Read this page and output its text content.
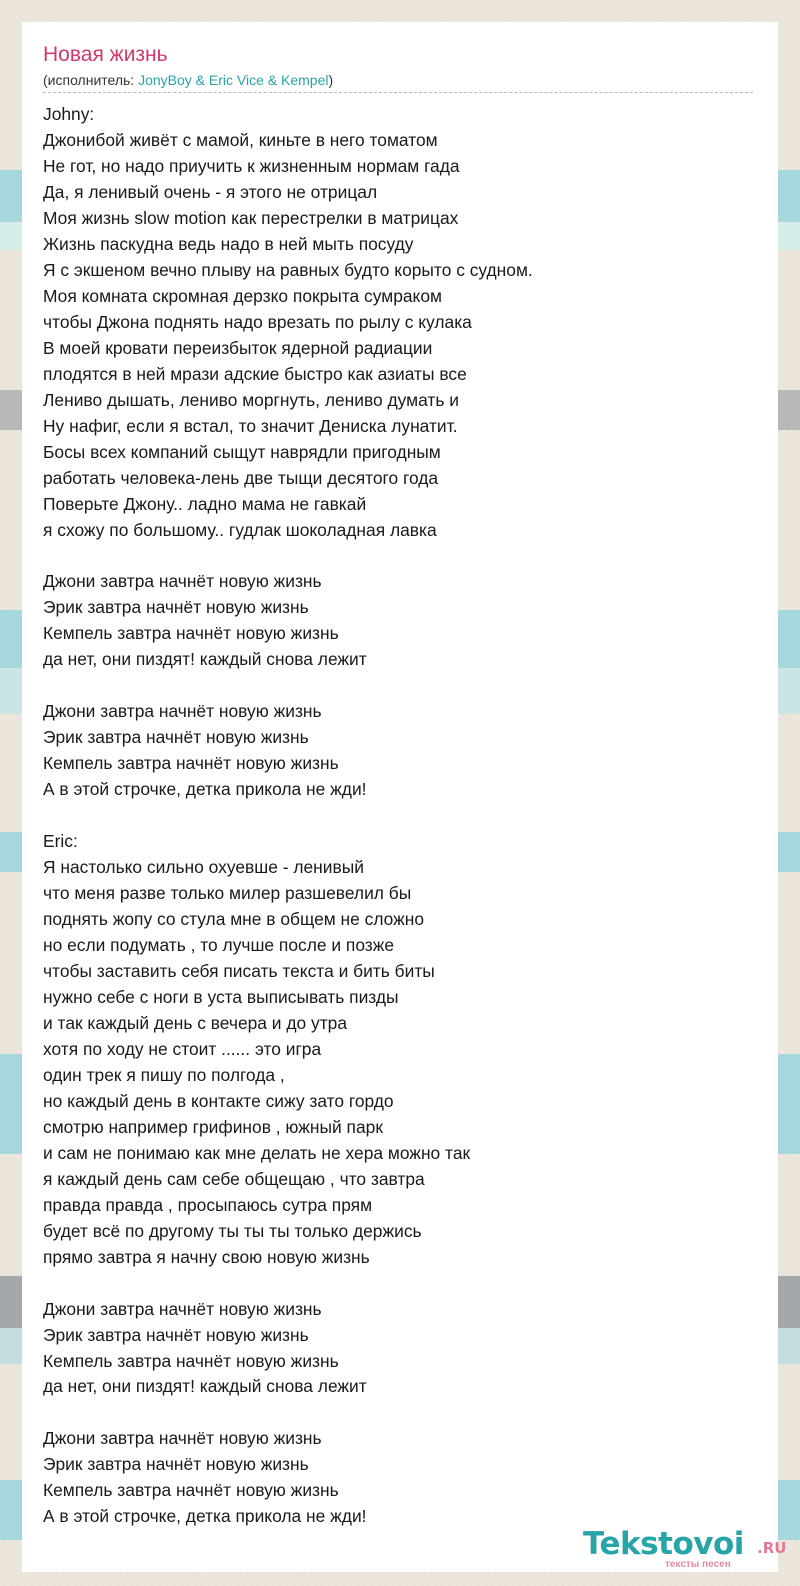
Новая жизнь
(исполнитель: JonyBoy & Eric Vice & Kempel)
Johny:
Джонибой живёт с мамой, киньте в него томатом
Не гот, но надо приучить к жизненным нормам гада
Да, я ленивый очень - я этого не отрицал
Моя жизнь slow motion как перестрелки в матрицах
Жизнь паскудна ведь надо в ней мыть посуду
Я с экшеном вечно плыву на равных будто корыто с судном.
Моя комната скромная дерзко покрыта сумраком
чтобы Джона поднять надо врезать по рылу с кулака
В моей кровати переизбыток ядерной радиации
плодятся в ней мрази адские быстро как азиаты все
Лениво дышать, лениво моргнуть, лениво думать и
Ну нафиг, если я встал, то значит Дениска лунатит.
Босы всех компаний сыщут наврядли пригодным
работать человека-лень две тыщи десятого года
Поверьте Джону.. ладно мама не гавкай
я схожу по большому.. гудлак шоколадная лавка
Джони завтра начнёт новую жизнь
Эрик завтра начнёт новую жизнь
Кемпель завтра начнёт новую жизнь
да нет, они пиздят! каждый снова лежит
Джони завтра начнёт новую жизнь
Эрик завтра начнёт новую жизнь
Кемпель завтра начнёт новую жизнь
А в этой строчке, детка прикола не жди!
Eric:
Я настолько сильно охуевше - ленивый
что меня разве только милер разшевелил бы
поднять жопу со стула мне в общем не сложно
но если подумать , то лучше после и позже
чтобы заставить себя писать текста и бить биты
нужно себе с ноги в уста выписывать пизды
и так каждый день с вечера и до утра
хотя по ходу не стоит ...... это игра
один трек я пишу по полгода ,
но каждый день в контакте сижу зато гордо
смотрю например грифинов , южный парк
и сам не понимаю как мне делать не хера можно так
я каждый день сам себе общещаю , что завтра
правда правда , просыпаюсь сутра прям
будет всё по другому ты ты ты только держись
прямо завтра я начну свою новую жизнь
Джони завтра начнёт новую жизнь
Эрик завтра начнёт новую жизнь
Кемпель завтра начнёт новую жизнь
да нет, они пиздят! каждый снова лежит
Джони завтра начнёт новую жизнь
Эрик завтра начнёт новую жизнь
Кемпель завтра начнёт новую жизнь
А в этой строчке, детка прикола не жди!
Tekstovoi .RU
тексты песен
